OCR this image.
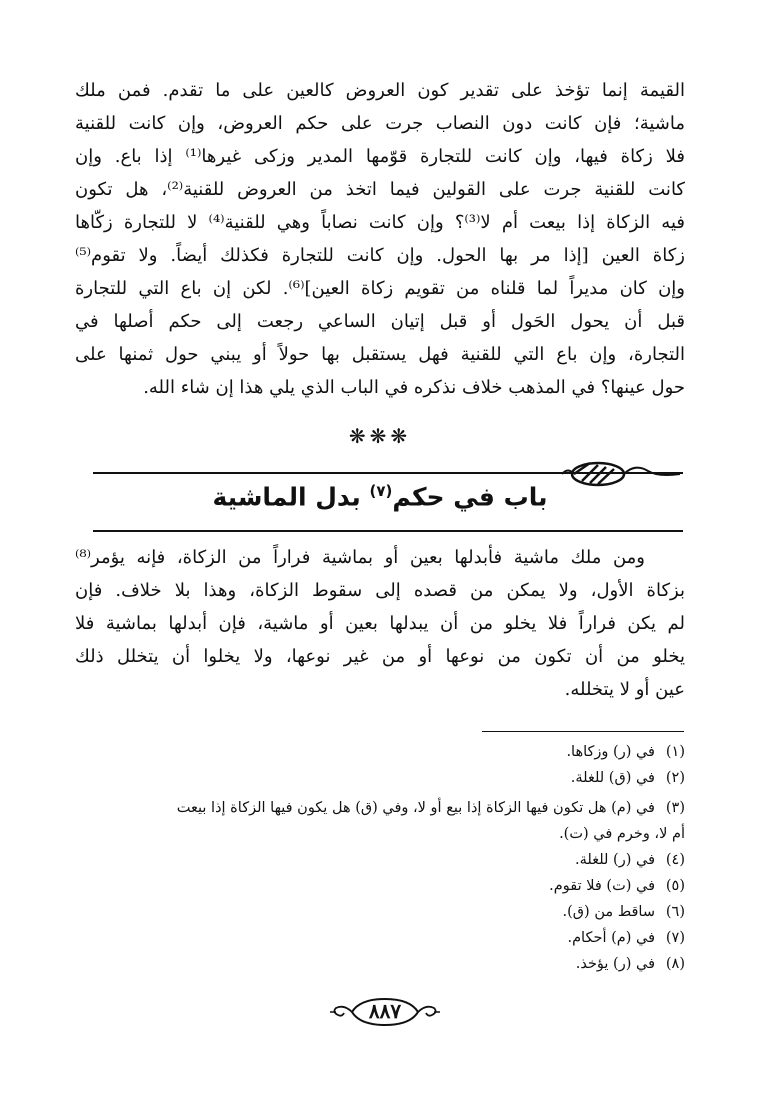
القيمة إنما تؤخذ على تقدير كون العروض كالعين على ما تقدم. فمن ملك
ماشية؛ فإن كانت دون النصاب جرت على حكم العروض، وإن كانت للقنية
فلا زكاة فيها، وإن كانت للتجارة قوّمها المدير وزكى غيرها⁽¹⁾ إذا باع. وإن
كانت للقنية جرت على القولين فيما اتخذ من العروض للقنية⁽²⁾، هل تكون
فيه الزكاة إذا بيعت أم لا⁽³⁾؟ وإن كانت نصاباً وهي للقنية⁽⁴⁾ لا للتجارة زكّاها
زكاة العين [إذا مر بها الحول. وإن كانت للتجارة فكذلك أيضاً. ولا تقوم⁽⁵⁾
وإن كان مديراً لما قلناه من تقويم زكاة العين]⁽⁶⁾. لكن إن باع التي للتجارة
قبل أن يحول الحَول أو قبل إتيان الساعي رجعت إلى حكم أصلها في
التجارة، وإن باع التي للقنية فهل يستقبل بها حولاً أو يبني حول ثمنها على
حول عينها؟ في المذهب خلاف نذكره في الباب الذي يلي هذا إن شاء الله.
❋❋❋
باب في حكم$^{(٧)}$ بدل الماشية
ومن ملك ماشية فأبدلها بعين أو بماشية فراراً من الزكاة، فإنه يؤمر⁽⁸⁾
بزكاة الأول، ولا يمكن من قصده إلى سقوط الزكاة، وهذا بلا خلاف. فإن
لم يكن فراراً فلا يخلو من أن يبدلها بعين أو ماشية، فإن أبدلها بماشية فلا
يخلو من أن تكون من نوعها أو من غير نوعها، ولا يخلوا أن يتخلل ذلك
عين أو لا يتخلله.
(١)في (ر) وزكاها.
(٢)في (ق) للغلة.
(٣)في (م) هل تكون فيها الزكاة إذا بيع أو لا، وفي (ق) هل يكون فيها الزكاة إذا بيعت
أم لا، وخرم في (ت).
(٤)في (ر) للغلة.
(٥)في (ت) فلا تقوم.
(٦)ساقط من (ق).
(٧)في (م) أحكام.
(٨)في (ر) يؤخذ.
٨٨٧
